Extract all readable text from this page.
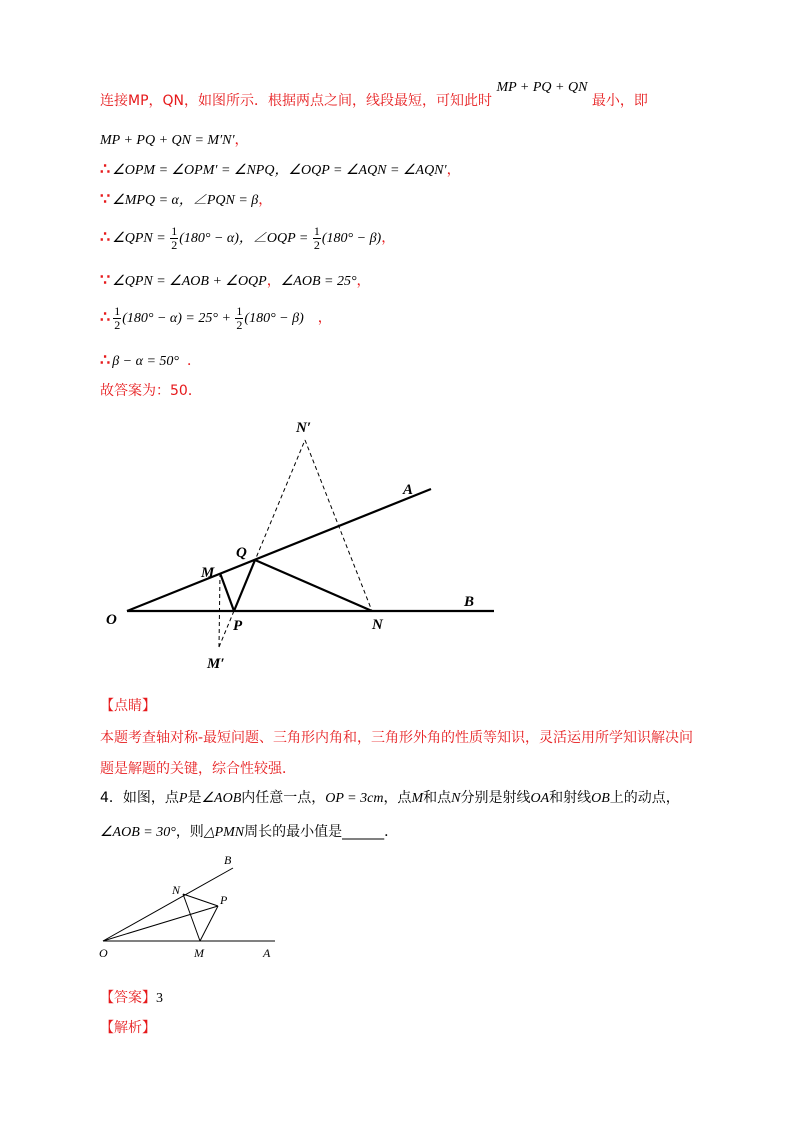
连接MP，QN，如图所示．根据两点之间，线段最短，可知此时 MP + PQ + QN 最小，即
MP + PQ + QN = M′N′，
∴ ∠OPM = ∠OPM′ = ∠NPQ，∠OQP = ∠AQN = ∠AQN′，
∵ ∠MPQ = α，∠PQN = β，
∴ ∠QPN = $\frac{1}{2} (180^\circ - \alpha)$，∠OQP = $\frac{1}{2} (180^\circ - \beta)$，
∵ ∠QPN = ∠AOB + ∠OQP，∠AOB = 25°，
∴ $\frac{1}{2} (180^\circ - \alpha) = 25^\circ + \frac{1}{2} (180^\circ - \beta)$ ，
∴ β − α = 50° ．
故答案为：50．
N′
A
Q
M
B
O	P	N
M′
【点睛】
本题考查轴对称-最短问题、三角形内角和，三角形外角的性质等知识，灵活运用所学知识解决问
题是解题的关键，综合性较强．
4．如图，点P是∠AOB内任意一点，OP = 3cm，点M和点N分别是射线OA和射线OB上的动点，
∠AOB = 30°，则△PMN周长的最小值是______．
B
N
P
O	M	A
【答案】3
【解析】
